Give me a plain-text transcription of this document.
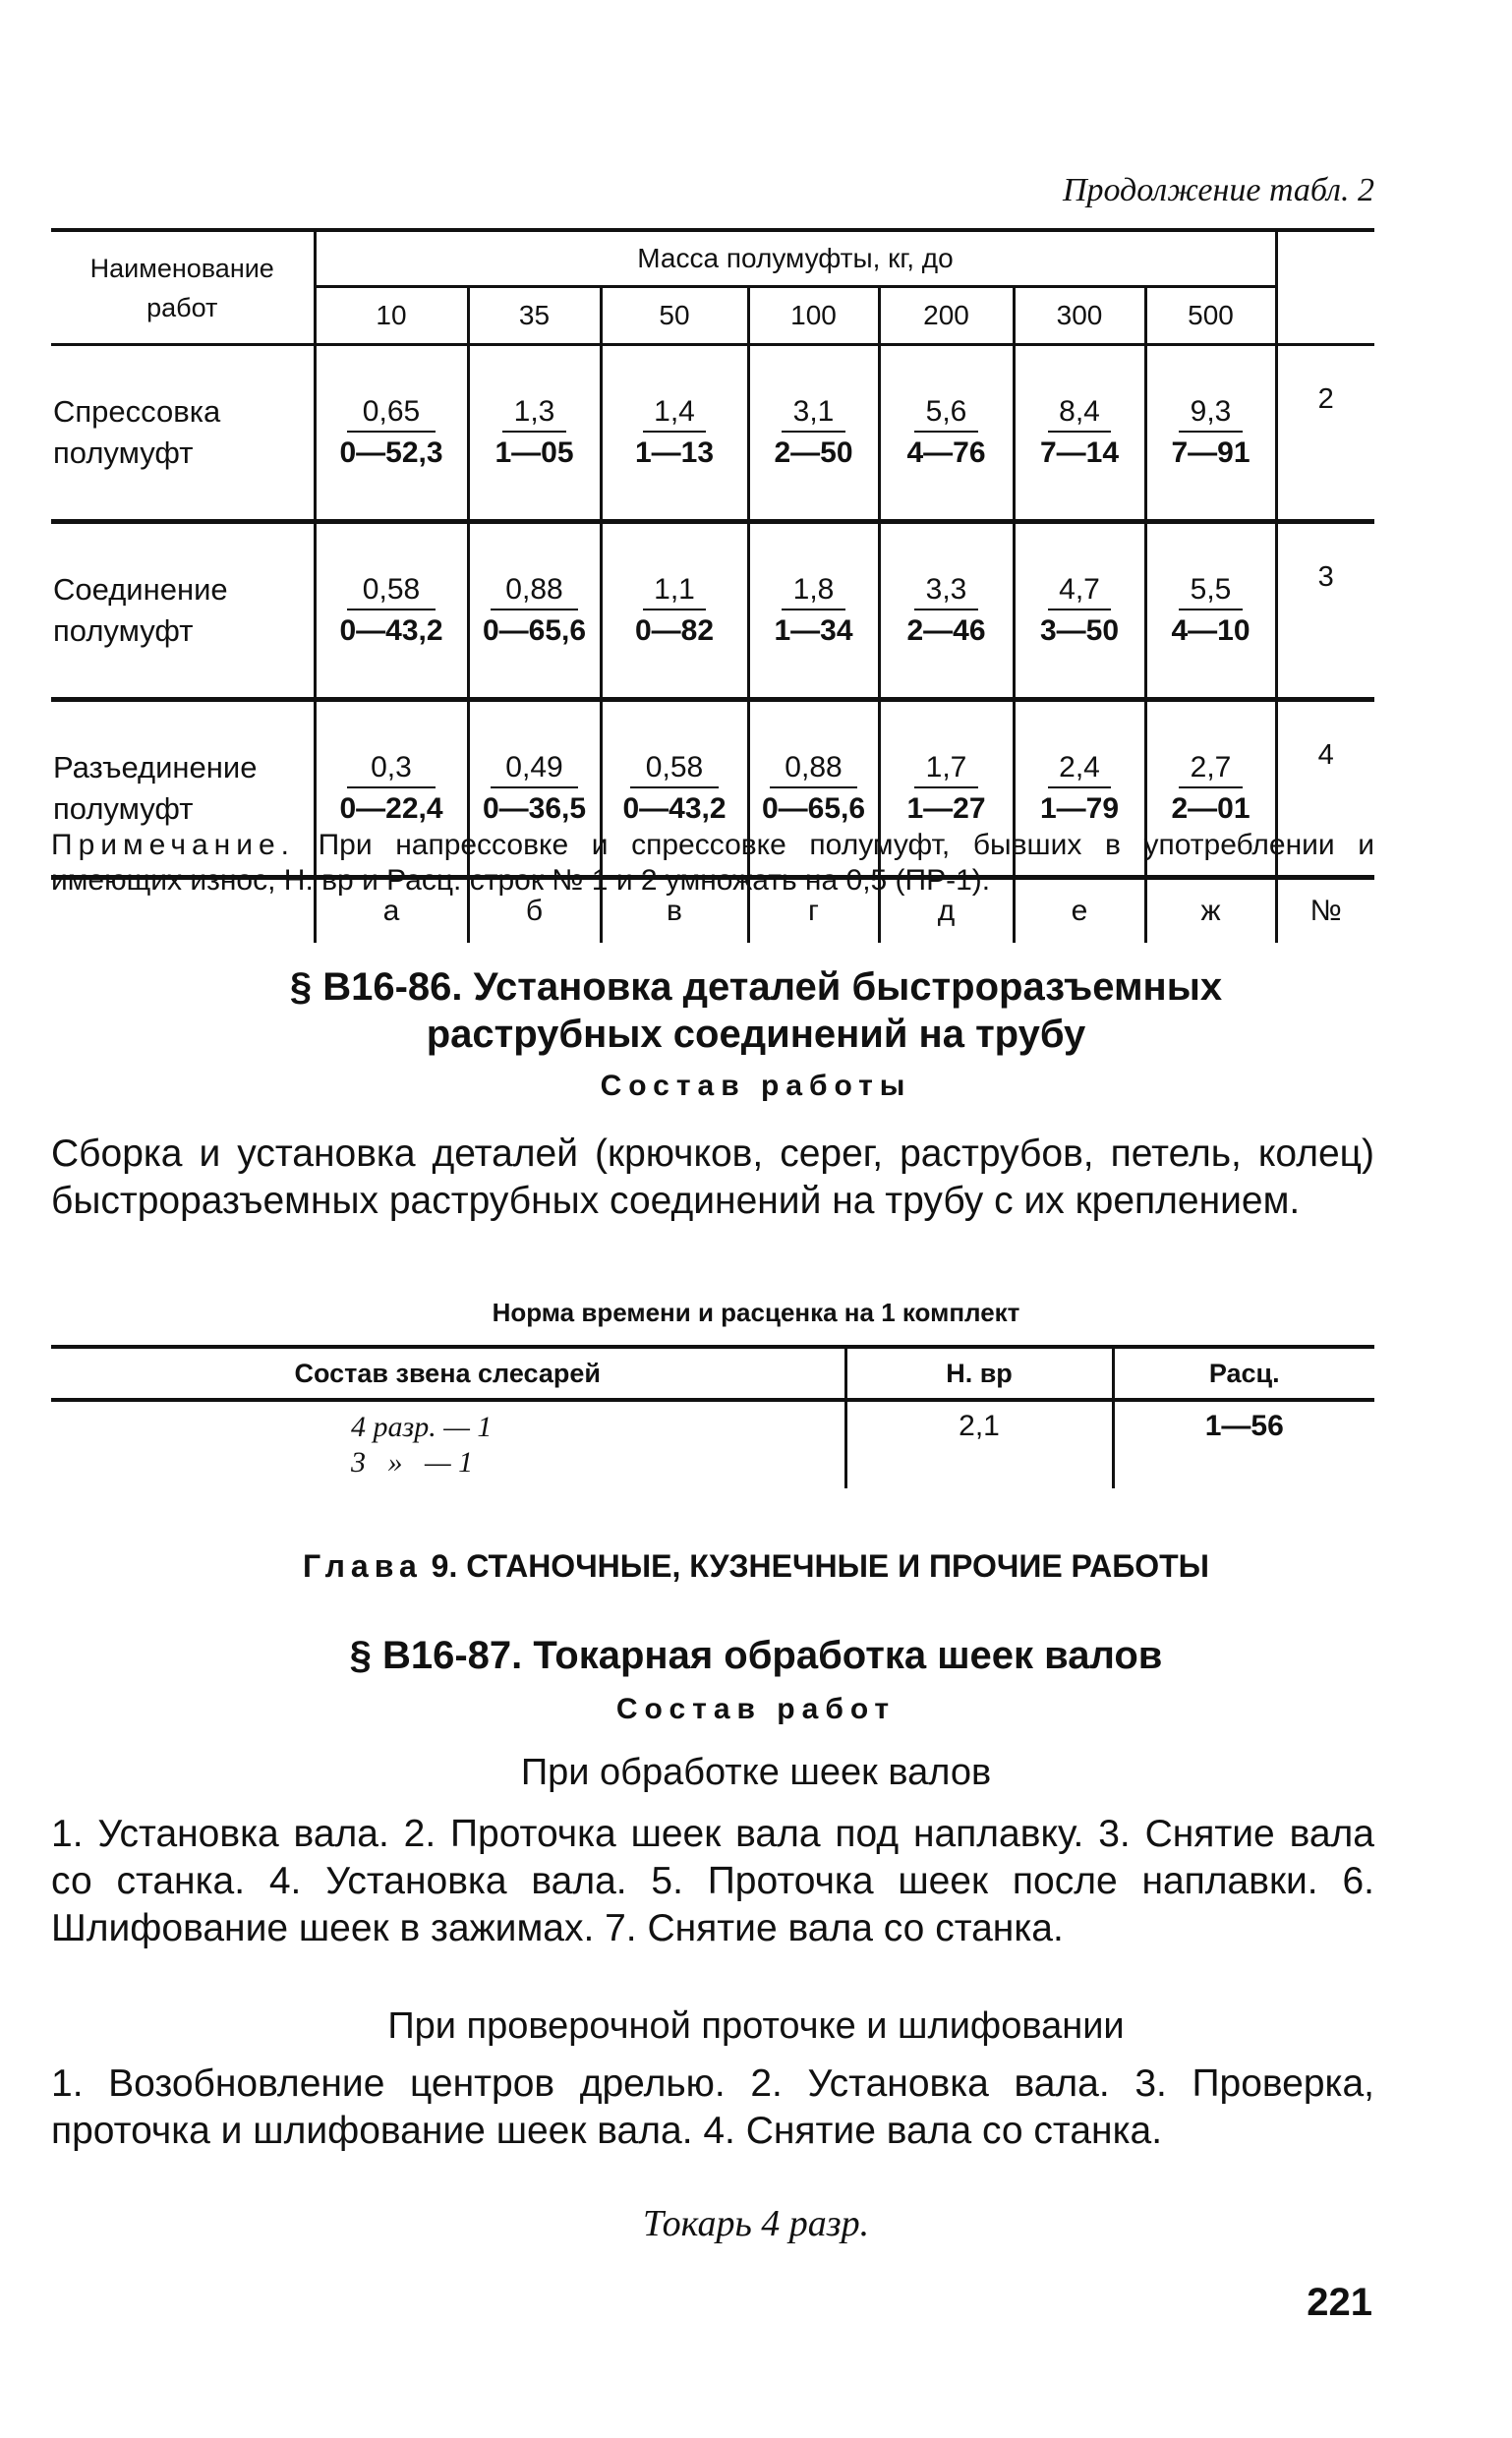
Продолжение табл. 2
Наименование работ	Масса полумуфты, кг, до							
	10	35	50	100	200	300	500	
Спрессовка полумуфт	$\frac{0,65}{0—52,3}$	$\frac{1,3}{1—05}$	$\frac{1,4}{1—13}$	$\frac{3,1}{2—50}$	$\frac{5,6}{4—76}$	$\frac{8,4}{7—14}$	$\frac{9,3}{7—91}$	2
Соединение полумуфт	$\frac{0,58}{0—43,2}$	$\frac{0,88}{0—65,6}$	$\frac{1,1}{0—82}$	$\frac{1,8}{1—34}$	$\frac{3,3}{2—46}$	$\frac{4,7}{3—50}$	$\frac{5,5}{4—10}$	3
Разъединение полумуфт	$\frac{0,3}{0—22,4}$	$\frac{0,49}{0—36,5}$	$\frac{0,58}{0—43,2}$	$\frac{0,88}{0—65,6}$	$\frac{1,7}{1—27}$	$\frac{2,4}{1—79}$	$\frac{2,7}{2—01}$	4
	а	б	в	г	д	е	ж	№
Примечание. При напрессовке и спрессовке полумуфт, бывших в употреблении и имеющих износ, Н. вр и Расц. строк № 1 и 2 умножать на 0,5 (ПР-1).
§ В16-86. Установка деталей быстроразъемных
раструбных соединений на трубу
Состав работы
Сборка и установка деталей (крючков, серег, раструбов, петель, колец) быстроразъемных раструбных соединений на трубу с их креплением.
Норма времени и расценка на 1 комплект
Состав звена слесарей	Н. вр	Расц.

4 разр. — 1
3   »   — 1	2,1	1—56
Глава 9. СТАНОЧНЫЕ, КУЗНЕЧНЫЕ И ПРОЧИЕ РАБОТЫ
§ В16-87. Токарная обработка шеек валов
Состав работ
При обработке шеек валов
1. Установка вала. 2. Проточка шеек вала под наплавку. 3. Снятие вала со станка. 4. Установка вала. 5. Проточка шеек после наплавки. 6. Шлифование шеек в зажимах. 7. Снятие вала со станка.
При проверочной проточке и шлифовании
1. Возобновление центров дрелью. 2. Установка вала. 3. Проверка, проточка и шлифование шеек вала. 4. Снятие вала со станка.
Токарь 4 разр.
221
